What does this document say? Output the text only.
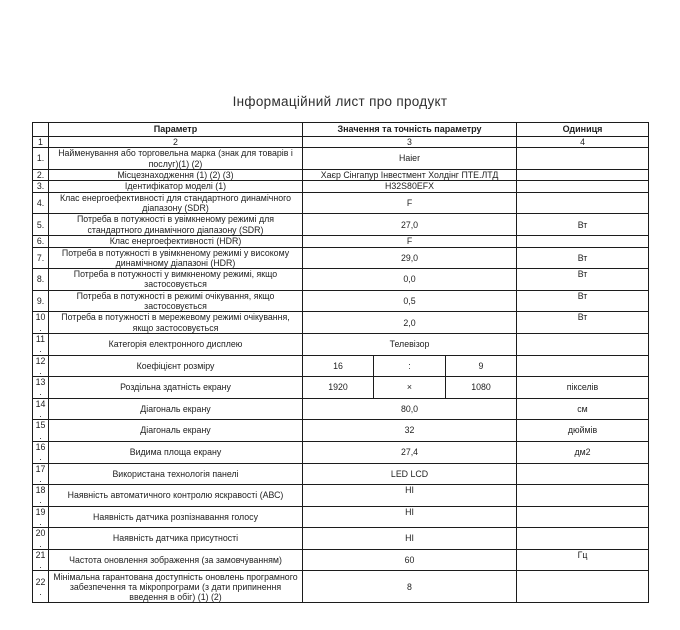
Інформаційний лист про продукт
	Параметр	Значення та точність параметру			Одиниця
1	2	3			4
1.	Найменування або торговельна марка (знак для товарів і послуг)(1) (2)	Haier			
2.	Місцезнаходження (1) (2) (3)	Хаєр Сінгапур Інвестмент Холдінг ПТЕ.ЛТД			
3.	Ідентифікатор моделі (1)	H32S80EFX			
4.	Клас енергоефективності для стандартного динамічного діапазону (SDR)	F			
5.	Потреба в потужності в увімкненому режимі для стандартного динамічного діапазону (SDR)	27,0			Вт
6.	Клас енергоефективності (HDR)	F			
7.	Потреба в потужності в увімкненому режимі у високому динамічному діапазоні (HDR)	29,0			Вт
8.	Потреба в потужності у вимкненому режимі, якщо застосовується	0,0			Вт
9.	Потреба в потужності в режимі очікування, якщо застосовується	0,5			Вт
10.	Потреба в потужності в мережевому режимі очікування, якщо застосовується	2,0			Вт
11.	Категорія електронного дисплею	Телевізор			
12.	Коефіцієнт розміру	16	:	9	
13.	Роздільна здатність екрану	1920	×	1080	пікселів
14.	Діагональ екрану	80,0			см
15.	Діагональ екрану	32			дюймів
16.	Видима площа екрану	27,4			дм2
17.	Використана технологія панелі	LED LCD			
18.	Наявність автоматичного контролю яскравості (АВС)	НІ			
19.	Наявність датчика розпізнавання голосу	НІ			
20.	Наявність датчика присутності	НІ			
21.	Частота оновлення зображення (за замовчуванням)	60			Гц
22.	Мінімальна гарантована доступність оновлень програмного забезпечення та мікропрограми (з дати припинення введення в обіг) (1) (2)	8			
